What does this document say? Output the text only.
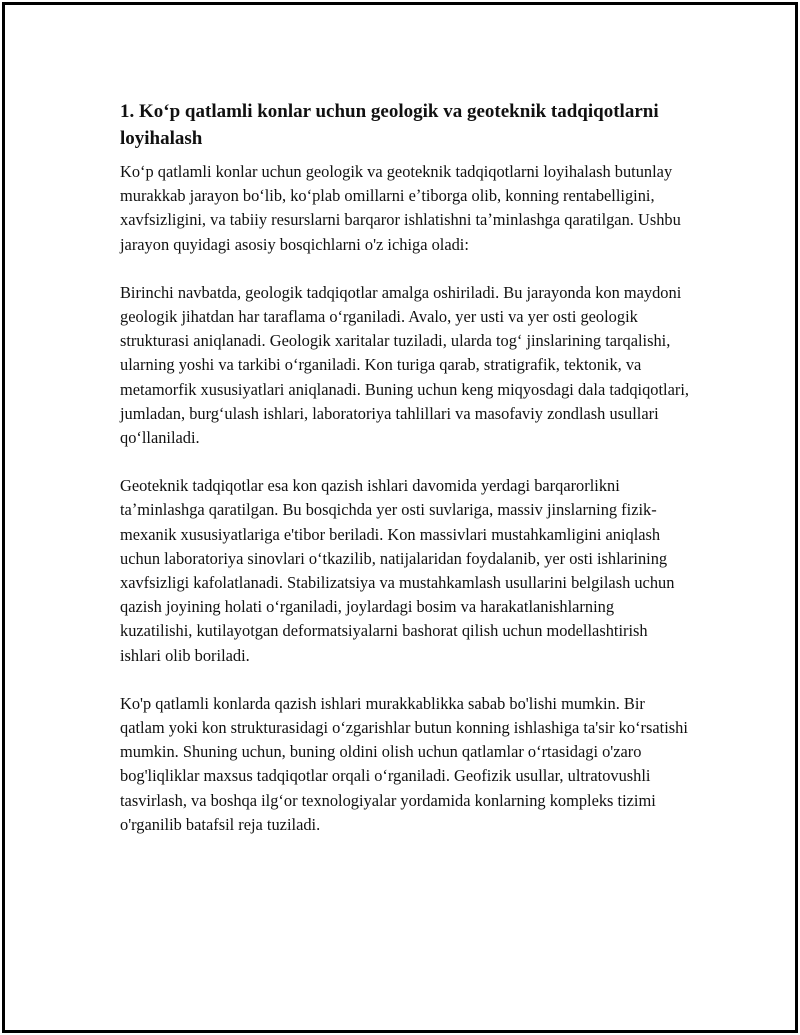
1. Koʻp qatlamli konlar uchun geologik va geoteknik tadqiqotlarni loyihalash

Koʻp qatlamli konlar uchun geologik va geoteknik tadqiqotlarni loyihalash butunlay murakkab jarayon boʻlib, koʻplab omillarni eʼtiborga olib, konning rentabelligini, xavfsizligini, va tabiiy resurslarni barqaror ishlatishni taʼminlashga qaratilgan. Ushbu jarayon quyidagi asosiy bosqichlarni o'z ichiga oladi:

Birinchi navbatda, geologik tadqiqotlar amalga oshiriladi. Bu jarayonda kon maydoni geologik jihatdan har taraflama oʻrganiladi. Avalo, yer usti va yer osti geologik strukturasi aniqlanadi. Geologik xaritalar tuziladi, ularda togʻ jinslarining tarqalishi, ularning yoshi va tarkibi oʻrganiladi. Kon turiga qarab, stratigrafik, tektonik, va metamorfik xususiyatlari aniqlanadi. Buning uchun keng miqyosdagi dala tadqiqotlari, jumladan, burgʻulash ishlari, laboratoriya tahlillari va masofaviy zondlash usullari qoʻllaniladi.

Geoteknik tadqiqotlar esa kon qazish ishlari davomida yerdagi barqarorlikni taʼminlashga qaratilgan. Bu bosqichda yer osti suvlariga, massiv jinslarning fizik-mexanik xususiyatlariga e'tibor beriladi. Kon massivlari mustahkamligini aniqlash uchun laboratoriya sinovlari oʻtkazilib, natijalaridan foydalanib, yer osti ishlarining xavfsizligi kafolatlanadi. Stabilizatsiya va mustahkamlash usullarini belgilash uchun qazish joyining holati oʻrganiladi, joylardagi bosim va harakatlanishlarning kuzatilishi, kutilayotgan deformatsiyalarni bashorat qilish uchun modellashtirish ishlari olib boriladi.

Ko'p qatlamli konlarda qazish ishlari murakkablikka sabab bo'lishi mumkin. Bir qatlam yoki kon strukturasidagi oʻzgarishlar butun konning ishlashiga ta'sir koʻrsatishi mumkin. Shuning uchun, buning oldini olish uchun qatlamlar oʻrtasidagi o'zaro bog'liqliklar maxsus tadqiqotlar orqali oʻrganiladi. Geofizik usullar, ultratovushli tasvirlash, va boshqa ilgʻor texnologiyalar yordamida konlarning kompleks tizimi o'rganilib batafsil reja tuziladi.
